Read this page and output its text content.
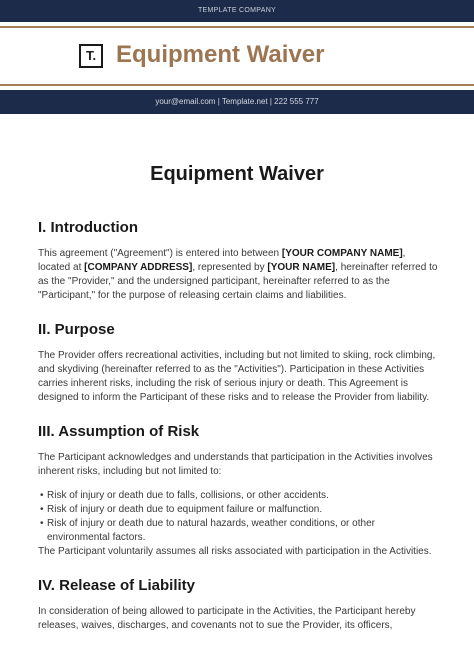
TEMPLATE COMPANY
T. Equipment Waiver
your@email.com | Template.net | 222 555 777
Equipment Waiver
I. Introduction

This agreement ("Agreement") is entered into between [YOUR COMPANY NAME], located at [COMPANY ADDRESS], represented by [YOUR NAME], hereinafter referred to as the "Provider," and the undersigned participant, hereinafter referred to as the "Participant," for the purpose of releasing certain claims and liabilities.

II. Purpose

The Provider offers recreational activities, including but not limited to skiing, rock climbing, and skydiving (hereinafter referred to as the "Activities"). Participation in these Activities carries inherent risks, including the risk of serious injury or death. This Agreement is designed to inform the Participant of these risks and to release the Provider from liability.

III. Assumption of Risk

The Participant acknowledges and understands that participation in the Activities involves inherent risks, including but not limited to:

• Risk of injury or death due to falls, collisions, or other accidents.
• Risk of injury or death due to equipment failure or malfunction.
• Risk of injury or death due to natural hazards, weather conditions, or other environmental factors.

The Participant voluntarily assumes all risks associated with participation in the Activities.

IV. Release of Liability

In consideration of being allowed to participate in the Activities, the Participant hereby releases, waives, discharges, and covenants not to sue the Provider, its officers,
